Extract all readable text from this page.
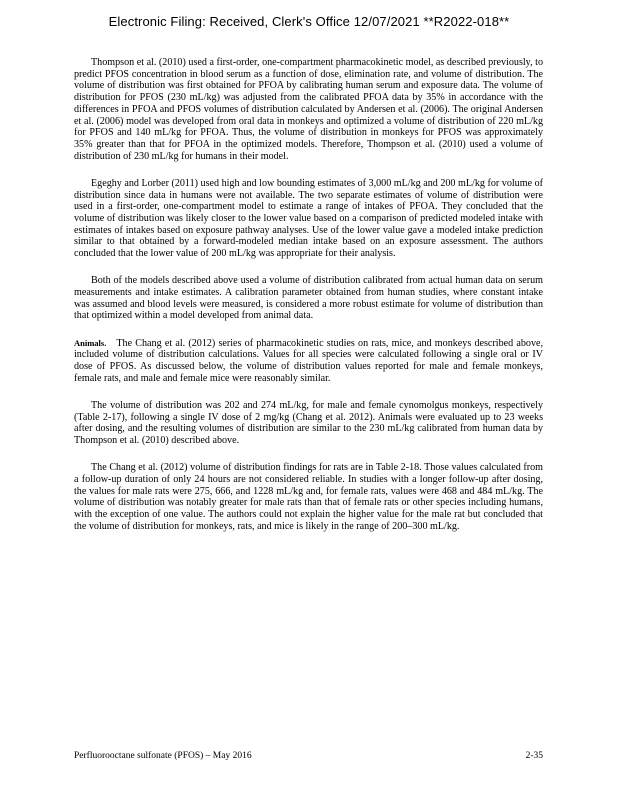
Electronic Filing: Received, Clerk's Office 12/07/2021 **R2022-018**

Thompson et al. (2010) used a first-order, one-compartment pharmacokinetic model, as described previously, to predict PFOS concentration in blood serum as a function of dose, elimination rate, and volume of distribution. The volume of distribution was first obtained for PFOA by calibrating human serum and exposure data. The volume of distribution for PFOS (230 mL/kg) was adjusted from the calibrated PFOA data by 35% in accordance with the differences in PFOA and PFOS volumes of distribution calculated by Andersen et al. (2006). The original Andersen et al. (2006) model was developed from oral data in monkeys and optimized a volume of distribution of 220 mL/kg for PFOS and 140 mL/kg for PFOA. Thus, the volume of distribution in monkeys for PFOS was approximately 35% greater than that for PFOA in the optimized models. Therefore, Thompson et al. (2010) used a volume of distribution of 230 mL/kg for humans in their model.

Egeghy and Lorber (2011) used high and low bounding estimates of 3,000 mL/kg and 200 mL/kg for volume of distribution since data in humans were not available. The two separate estimates of volume of distribution were used in a first-order, one-compartment model to estimate a range of intakes of PFOA. They concluded that the volume of distribution was likely closer to the lower value based on a comparison of predicted modeled intake with estimates of intakes based on exposure pathway analyses. Use of the lower value gave a modeled intake prediction similar to that obtained by a forward-modeled median intake based on an exposure assessment. The authors concluded that the lower value of 200 mL/kg was appropriate for their analysis.

Both of the models described above used a volume of distribution calibrated from actual human data on serum measurements and intake estimates. A calibration parameter obtained from human studies, where constant intake was assumed and blood levels were measured, is considered a more robust estimate for volume of distribution than that optimized within a model developed from animal data.

Animals. The Chang et al. (2012) series of pharmacokinetic studies on rats, mice, and monkeys described above, included volume of distribution calculations. Values for all species were calculated following a single oral or IV dose of PFOS. As discussed below, the volume of distribution values reported for male and female monkeys, female rats, and male and female mice were reasonably similar.

The volume of distribution was 202 and 274 mL/kg, for male and female cynomolgus monkeys, respectively (Table 2-17), following a single IV dose of 2 mg/kg (Chang et al. 2012). Animals were evaluated up to 23 weeks after dosing, and the resulting volumes of distribution are similar to the 230 mL/kg calibrated from human data by Thompson et al. (2010) described above.

The Chang et al. (2012) volume of distribution findings for rats are in Table 2-18. Those values calculated from a follow-up duration of only 24 hours are not considered reliable. In studies with a longer follow-up after dosing, the values for male rats were 275, 666, and 1228 mL/kg and, for female rats, values were 468 and 484 mL/kg. The volume of distribution was notably greater for male rats than that of female rats or other species including humans, with the exception of one value. The authors could not explain the higher value for the male rat but concluded that the volume of distribution for monkeys, rats, and mice is likely in the range of 200–300 mL/kg.

Perfluorooctane sulfonate (PFOS) – May 2016	2-35
